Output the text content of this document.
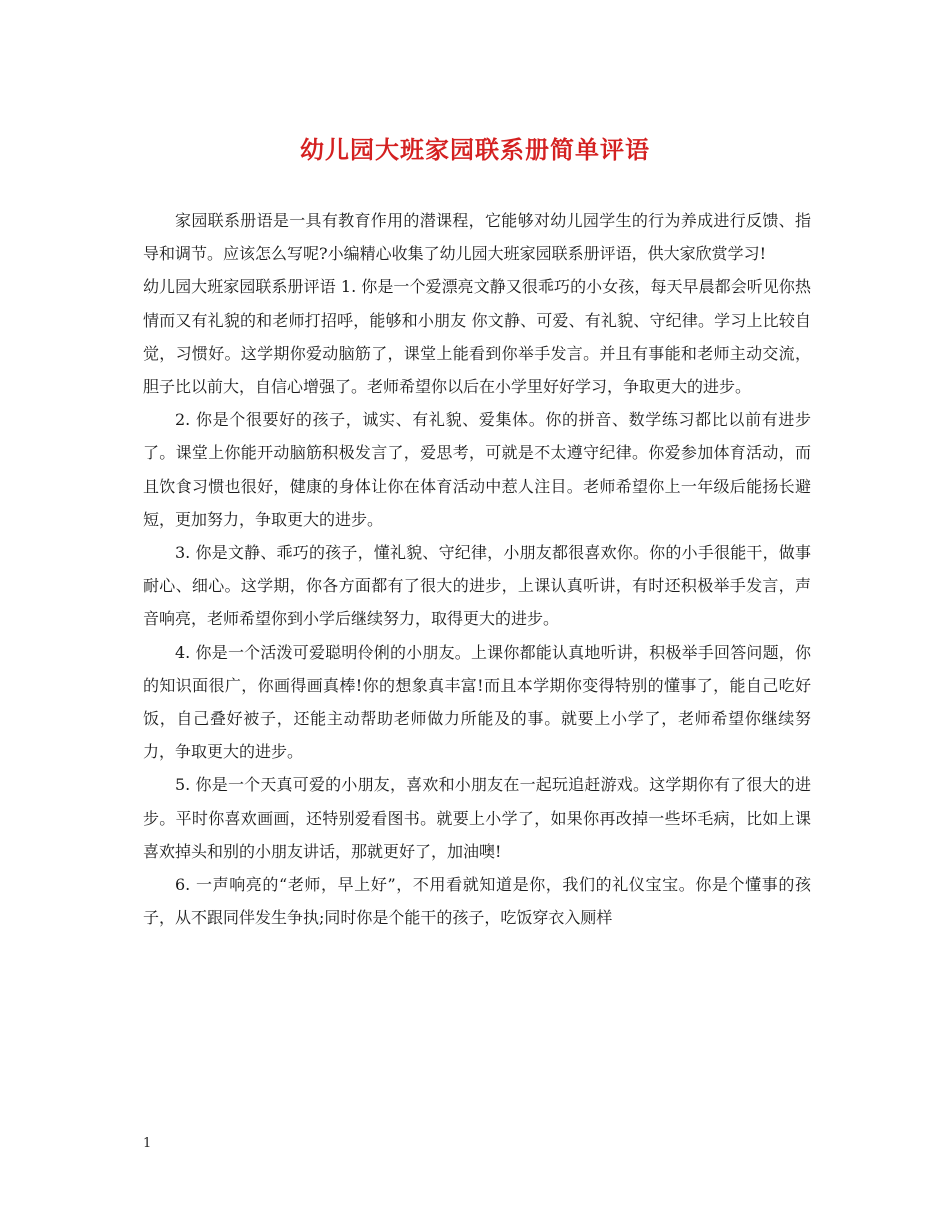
幼儿园大班家园联系册简单评语

家园联系册语是一具有教育作用的潜课程，它能够对幼儿园学生的行为养成进行反馈、指导和调节。应该怎么写呢?小编精心收集了幼儿园大班家园联系册评语，供大家欣赏学习!

幼儿园大班家园联系册评语 1. 你是一个爱漂亮文静又很乖巧的小女孩，每天早晨都会听见你热情而又有礼貌的和老师打招呼，能够和小朋友 你文静、可爱、有礼貌、守纪律。学习上比较自觉，习惯好。这学期你爱动脑筋了，课堂上能看到你举手发言。并且有事能和老师主动交流，胆子比以前大，自信心增强了。老师希望你以后在小学里好好学习，争取更大的进步。

2. 你是个很要好的孩子，诚实、有礼貌、爱集体。你的拼音、数学练习都比以前有进步了。课堂上你能开动脑筋积极发言了，爱思考，可就是不太遵守纪律。你爱参加体育活动，而且饮食习惯也很好，健康的身体让你在体育活动中惹人注目。老师希望你上一年级后能扬长避短，更加努力，争取更大的进步。

3. 你是文静、乖巧的孩子，懂礼貌、守纪律，小朋友都很喜欢你。你的小手很能干，做事耐心、细心。这学期，你各方面都有了很大的进步，上课认真听讲，有时还积极举手发言，声音响亮，老师希望你到小学后继续努力，取得更大的进步。

4. 你是一个活泼可爱聪明伶俐的小朋友。上课你都能认真地听讲，积极举手回答问题，你的知识面很广，你画得画真棒!你的想象真丰富!而且本学期你变得特别的懂事了，能自己吃好饭，自己叠好被子，还能主动帮助老师做力所能及的事。就要上小学了，老师希望你继续努力，争取更大的进步。

5. 你是一个天真可爱的小朋友，喜欢和小朋友在一起玩追赶游戏。这学期你有了很大的进步。平时你喜欢画画，还特别爱看图书。就要上小学了，如果你再改掉一些坏毛病，比如上课喜欢掉头和别的小朋友讲话，那就更好了，加油噢!

6. 一声响亮的“老师，早上好”，不用看就知道是你，我们的礼仪宝宝。你是个懂事的孩子，从不跟同伴发生争执;同时你是个能干的孩子，吃饭穿衣入厕样

1
